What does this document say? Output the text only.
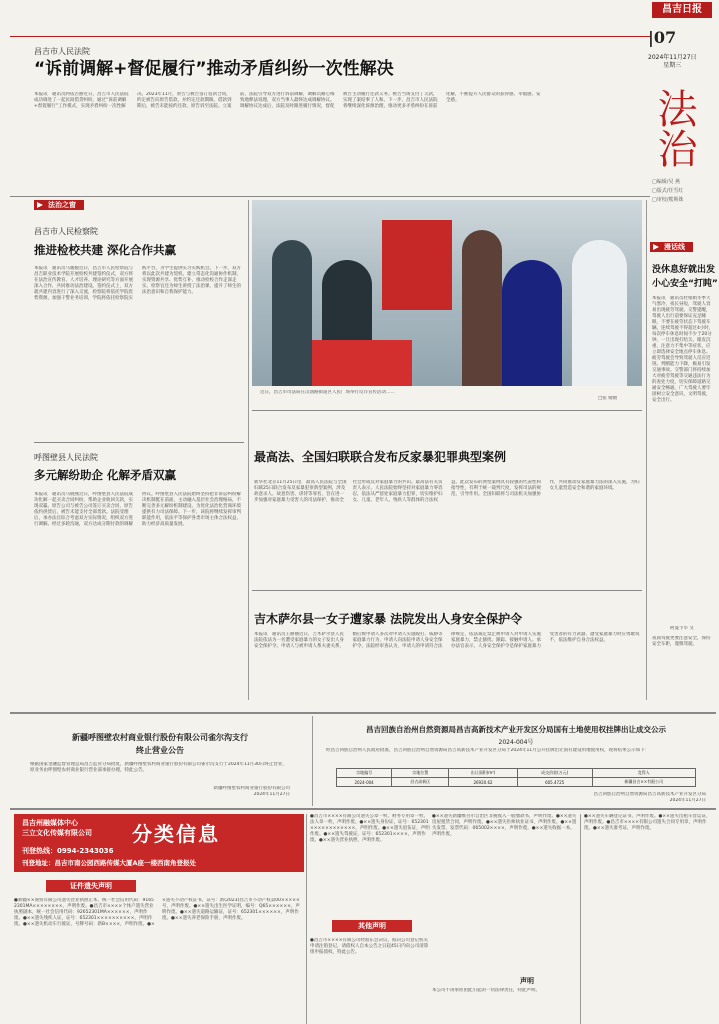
昌吉日报
|07
2024年11月27日
星期三
法治
□编辑/吴 燕
□版式/任雪红
□审校/熊斯姝
昌吉市人民法院
“诉前调解+督促履行”推动矛盾纠纷一次性解决
本报讯　通讯员阿依古丽近日，昌吉市人民法院成功调处了一起民间借贷纠纷，通过“诉前调解+督促履行”工作模式，实现矛盾纠纷一次性解决。2023年11月，原告与被告签订借款合同，约定被告向原告借款，并约定还款期限。借款到期后，被告未能按约还款，原告诉至法院。立案前，法院引导双方进行诉前调解，调解员耐心细致地释法说理，双方当事人最终达成调解协议。调解协议达成后，法院及时跟进履行情况，督促被告主动履行还款义务。被告当场支付了欠款，实现了案结事了人和。下一步，昌吉市人民法院将继续深化诉源治理，推动更多矛盾纠纷在诉前化解，不断提升人民群众的获得感、幸福感、安全感。
法治之窗
昌吉市人民检察院
推进检校共建 深化合作共赢
本报讯　通讯员马媛媛近日，昌吉市人民检察院与昌吉职业技术学院开展检校共建签约仪式，双方将在法治宣传教育、人才培养、理论研究等方面开展深入合作，共同推动法治建设。签约仪式上，双方就共建内容进行了深入交流，检察院将依托学院优势资源，加强干警业务培训，学院将依托检察院实践平台，为学生提供实习实践机会。下一步，双方将以此次共建为契机，建立常态化沟通协作机制，实现资源共享、优势互补，推动检校合作走深走实。检察官还为师生讲授了法治课，提升了师生的法治意识和自我保护能力。
呼图壁县人民法院
多元解纷助企 化解矛盾双赢
本报讯　通讯员马晓燕近日，呼图壁县人民法院成功化解一起买卖合同纠纷，帮助企业收回欠款，实现双赢。原告公司与被告公司签订买卖合同，原告依约供货后，被告未能支付全部货款。法院受理后，承办法官综合考虑双方实际情况，组织双方进行调解。经过多轮沟通，双方达成分期付款的调解协议。呼图壁县人民法院始终坚持把非诉讼纠纷解决机制挺在前面，主动融入基层社会治理格局，不断完善多元解纷机制建设，为优化法治化营商环境提供有力司法保障。下一步，该院将继续发挥审判职能作用，依法平等保护各类市场主体合法权益，助力经济高质量发展。
近日，昌吉市司法局在汉润路街道区人民广场举行反诈宣传活动……
□张 婧摄
最高法、全国妇联联合发布反家暴犯罪典型案例
新华社北京11月25日电　最高人民法院与全国妇联25日联合发布反家暴犯罪典型案例，涉及故意杀人、故意伤害、虐待等罪名，旨在进一步加强对家庭暴力受害人的司法保护，推动全社会形成反对家庭暴力的共识。最高法有关负责人表示，人民法院始终坚持对家庭暴力零容忍，依法从严惩处家庭暴力犯罪，切实维护妇女、儿童、老年人、残疾人等群体的合法权益。此次发布的典型案例具有较强的代表性和指导性，有利于统一裁判尺度，发挥司法的规范、引导作用。全国妇联将与司法机关加强协作，共同推动反家庭暴力法的深入实施，为妇女儿童营造安全和谐的家庭环境。
吉木萨尔县一女子遭家暴 法院发出人身安全保护令
本报讯　通讯员王丽丽近日，吉木萨尔县人民法院依法为一名遭受家庭暴力的女子发出人身安全保护令。申请人与被申请人系夫妻关系，婚后被申请人多次对申请人实施殴打、威胁等家庭暴力行为，申请人向法院申请人身安全保护令。法院经审查认为，申请人的申请符合法律规定，依法裁定禁止被申请人对申请人实施家庭暴力，禁止骚扰、跟踪、接触申请人。承办法官表示，人身安全保护令是保护家庭暴力受害者的有力武器，遭受家庭暴力时应勇敢说不，依法维护自身合法权益。
漫话线
没休息好就出发
小心安全“打盹”
本报讯　通讯员杜娟娟冬季天气寒冷，夜长昼短，驾驶人容易出现疲劳驾驶。交警提醒，驾驶人出行前要保证充足睡眠，不要在疲劳状态下驾驶车辆。连续驾驶不得超过4小时，每次停车休息时间不少于20分钟。一旦出现打哈欠、眼皮沉重、注意力不集中等症状，应立即选择安全地点停车休息。疲劳驾驶会导致驾驶人反应迟钝、判断能力下降，极易引发交通事故。交警部门将持续加大对疲劳驾驶等交通违法行为的查处力度，切实保障道路交通安全畅通。广大驾驶人要牢固树立安全意识，文明驾驶，安全出行。
阿曼卡毕 文
夜间驾驶更要注意安全，保持安全车距，谨慎驾驶。
新疆呼图壁农村商业银行股份有限公司雀尔沟支行
终止营业公告
根据国家金融监督管理总局昌吉监管分局批复，新疆呼图壁农村商业银行股份有限公司雀尔沟支行于2024年11月30日终止营业，原业务由呼图壁农村商业银行营业部承接办理，特此公告。
新疆呼图壁农村商业银行股份有限公司
2024年11月27日
昌吉回族自治州自然资源局昌吉高新技术产业开发区分局国有土地使用权挂牌出让成交公示
2024-004号
经昌吉回族自治州人民政府批准，昌吉回族自治州自然资源局昌吉高新技术产业开发区分局于2024年11月公开挂牌出让国有建设用地使用权，现将结果公示如下：
宗地编号	宗地位置	出让面积(m²)	成交价款(万元)	竞得人
2024-004	昌吉高新区	26920.62	605.4725	新疆昌吉××有限公司
昌吉回族自治州自然资源局昌吉高新技术产业开发区分局
2024年11月27日
昌吉州融媒体中心
三立文化传媒有限公司 分类信息
刊登热线：0994-2343036
刊登地址：昌吉市南公园西路传媒大厦A座一楼西南角登报处
证件遗失声明
●新疆××商贸有限公司遗失营业执照正本，统一社会信用代码：91652301MA××××××××，声明作废。●昌吉市××××个体户遗失营业执照副本，统一社会信用代码：92652301MA××××××，声明作废。●××遗失残疾人证，证号：652301××××××××××，声明作废。●××遗失机动车行驶证，号牌号码：新B××××，声明作废。●××遗失不动产权证书，证号：新(2023)昌吉市不动产权第00×××××号，声明作废。●××遗失出生医学证明，编号：Q65××××××，声明作废。●××遗失道路运输证，证号：652301××××××，声明作废。●××遗失养老保险手册，声明作废。
●昌吉市××××有限公司遗失公章一枚、财务专用章一枚、法人章一枚，声明作废。●××遗失身份证，证号：652301××××××××××××，声明作废。●××遗失退伍证，声明作废。●××遗失驾驶证，证号：652301××××，声明作废。●××遗失营业执照，声明作废。
其他声明
●昌吉市××××有限公司经股东会决议，拟向公司登记机关申请注销登记，请债权人自本公告之日起45日内向公司清算组申报债权，特此公告。
●××遗失新疆维吾尔自治区非税收入一般缴款书，声明作废。●××遗失房屋租赁合同，声明作废。●××遗失医师执业证书，声明作废。●××遗失发票，发票代码：065002××××，声明作废。●××遗失收据一本，声明作废。
声明
本公司不再承担由此引起的一切法律责任，特此声明。
●××遗失车辆登记证书，声明作废。●××遗失出租车营运证，声明作废。●昌吉市××××有限公司遗失合同专用章，声明作废。●××遗失准考证，声明作废。
